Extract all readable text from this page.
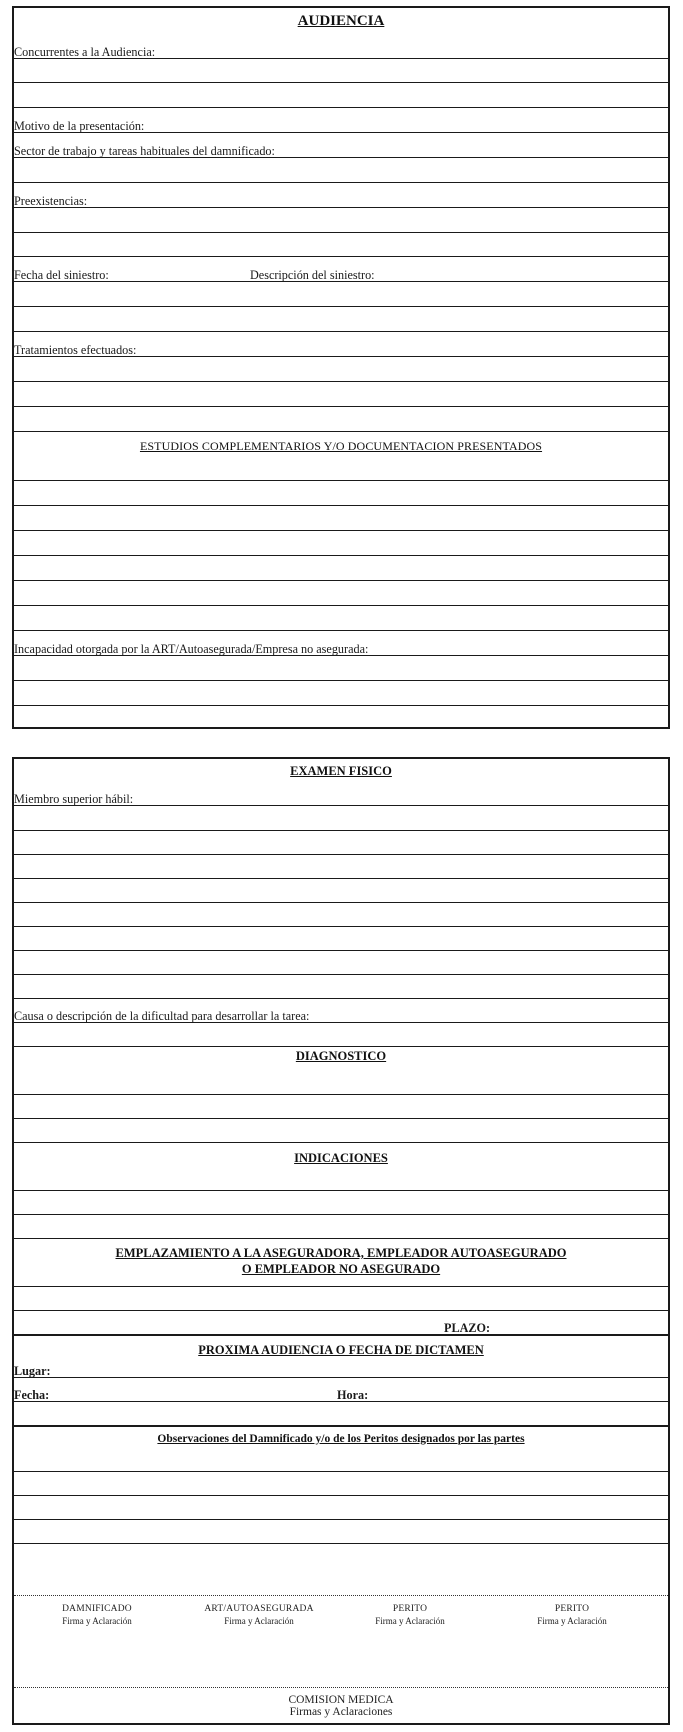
AUDIENCIA
Concurrentes a la Audiencia:
Motivo de la presentación:
Sector de trabajo y tareas habituales del damnificado:
Preexistencias:
Fecha del siniestro:	Descripción del siniestro:
Tratamientos efectuados:
ESTUDIOS COMPLEMENTARIOS Y/O DOCUMENTACION PRESENTADOS
Incapacidad otorgada por la ART/Autoasegurada/Empresa no asegurada:
EXAMEN FISICO
Miembro superior hábil:
Causa o descripción de la dificultad para desarrollar la tarea:
DIAGNOSTICO
INDICACIONES
EMPLAZAMIENTO A LA ASEGURADORA, EMPLEADOR AUTOASEGURADO
O EMPLEADOR NO ASEGURADO
PLAZO:
PROXIMA AUDIENCIA O FECHA DE DICTAMEN
Lugar:
Fecha:	Hora:
Observaciones del Damnificado y/o de los Peritos designados por las partes
DAMNIFICADO
Firma y Aclaración
ART/AUTOASEGURADA
Firma y Aclaración
PERITO
Firma y Aclaración
PERITO
Firma y Aclaración
COMISION MEDICA
Firmas y Aclaraciones
